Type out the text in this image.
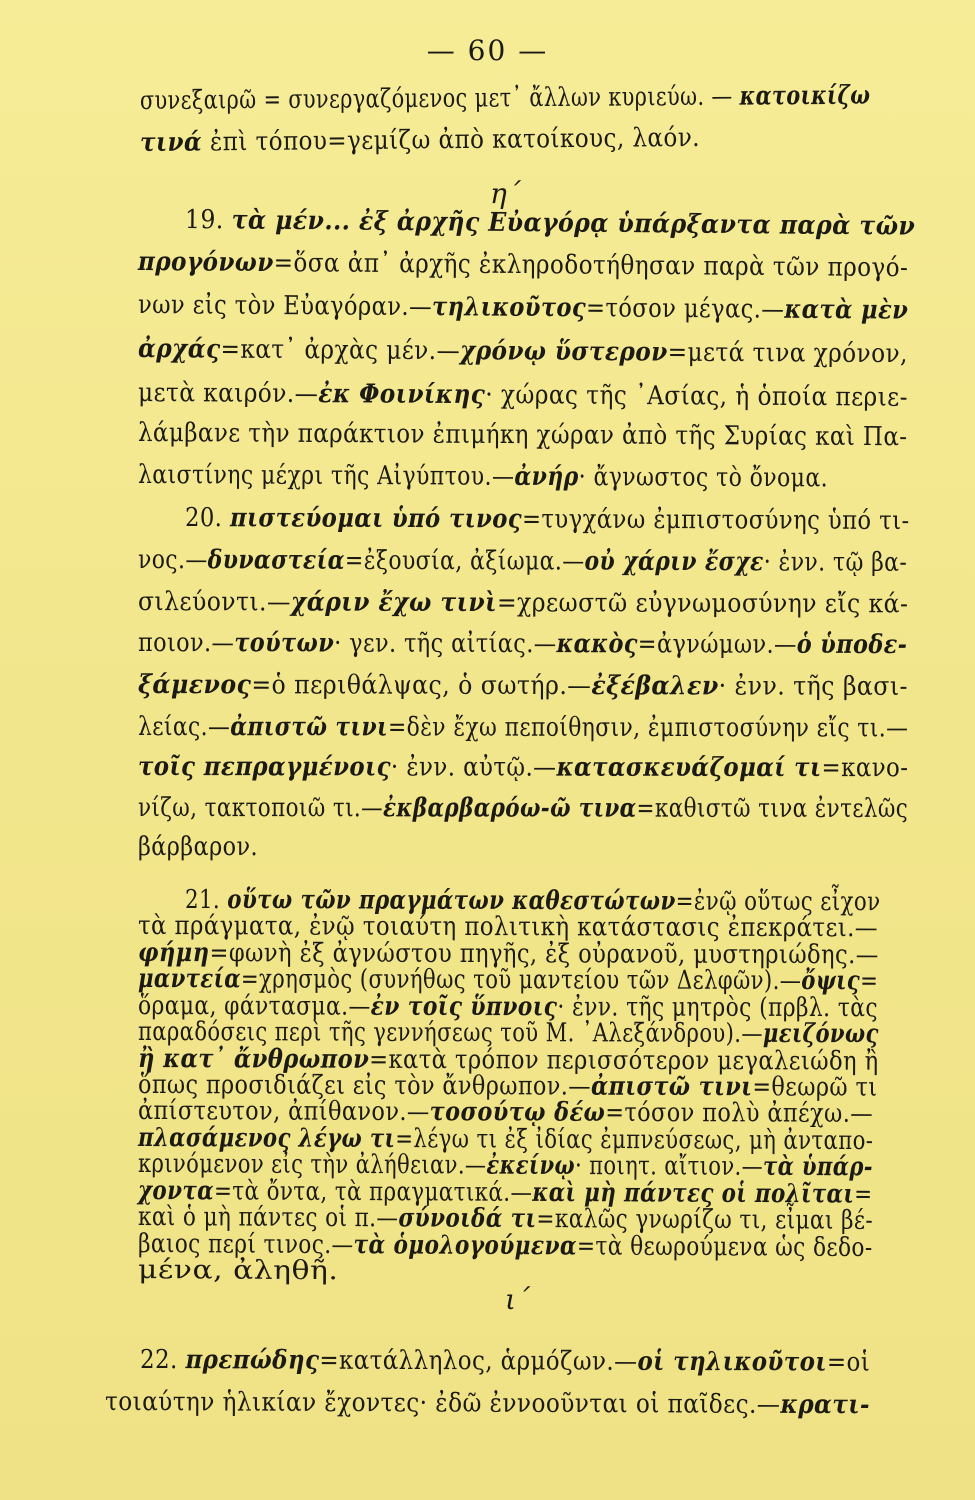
— 60 —
η΄
ι΄
συνεξαιρῶ = συνεργαζόμενος μετ᾽ ἄλλων κυριεύω. — κατοικίζω
τινά ἐπὶ τόπου=γεμίζω ἀπὸ κατοίκους, λαόν.
19. τὰ μέν... ἐξ ἀρχῆς Εὐαγόρᾳ ὑπάρξαντα παρὰ τῶν
προγόνων=ὅσα ἀπ᾽ ἀρχῆς ἐκληροδοτήθησαν παρὰ τῶν προγό-
νων εἰς τὸν Εὐαγόραν.—τηλικοῦτος=τόσον μέγας.—κατὰ μὲν
ἀρχάς=κατ᾽ ἀρχὰς μέν.—χρόνῳ ὕστερον=μετά τινα χρόνον,
μετὰ καιρόν.—ἐκ Φοινίκης· χώρας τῆς ᾽Ασίας, ἡ ὁποία περιε-
λάμβανε τὴν παράκτιον ἐπιμήκη χώραν ἀπὸ τῆς Συρίας καὶ Πα-
λαιστίνης μέχρι τῆς Αἰγύπτου.—ἀνήρ· ἄγνωστος τὸ ὄνομα.
20. πιστεύομαι ὑπό τινος=τυγχάνω ἐμπιστοσύνης ὑπό τι-
νος.—δυναστεία=ἐξουσία, ἀξίωμα.—οὐ χάριν ἔσχε· ἐνν. τῷ βα-
σιλεύοντι.—χάριν ἔχω τινὶ=χρεωστῶ εὐγνωμοσύνην εἴς κά-
ποιον.—τούτων· γεν. τῆς αἰτίας.—κακὸς=ἀγνώμων.—ὁ ὑποδε-
ξάμενος=ὁ περιθάλψας, ὁ σωτήρ.—ἐξέβαλεν· ἐνν. τῆς βασι-
λείας.—ἀπιστῶ τινι=δὲν ἔχω πεποίθησιν, ἐμπιστοσύνην εἴς τι.—
τοῖς πεπραγμένοις· ἐνν. αὐτῷ.—κατασκευάζομαί τι=κανο-
νίζω, τακτοποιῶ τι.—ἐκβαρβαρόω-ῶ τινα=καθιστῶ τινα ἐντελῶς
βάρβαρον.
21. οὕτω τῶν πραγμάτων καθεστώτων=ἐνῷ οὕτως εἶχον
τὰ πράγματα, ἐνῷ τοιαύτη πολιτικὴ κατάστασις ἐπεκράτει.—
φήμη=φωνὴ ἐξ ἀγνώστου πηγῆς, ἐξ οὐρανοῦ, μυστηριώδης.—
μαντεία=χρησμὸς (συνήθως τοῦ μαντείου τῶν Δελφῶν).—ὄψις=
ὅραμα, φάντασμα.—ἐν τοῖς ὕπνοις· ἐνν. τῆς μητρὸς (πρβλ. τὰς
παραδόσεις περὶ τῆς γεννήσεως τοῦ Μ. ᾽Αλεξάνδρου).—μειζόνως
ἢ κατ᾽ ἄνθρωπον=κατὰ τρόπον περισσότερον μεγαλειώδη ἢ
ὅπως προσιδιάζει εἰς τὸν ἄνθρωπον.—ἀπιστῶ τινι=θεωρῶ τι
ἀπίστευτον, ἀπίθανον.—τοσούτῳ δέω=τόσον πολὺ ἀπέχω.—
πλασάμενος λέγω τι=λέγω τι ἐξ ἰδίας ἐμπνεύσεως, μὴ ἀνταπο-
κρινόμενον εἰς τὴν ἀλήθειαν.—ἐκείνῳ· ποιητ. αἴτιον.—τὰ ὑπάρ-
χοντα=τὰ ὄντα, τὰ πραγματικά.—καὶ μὴ πάντες οἱ πολῖται=
καὶ ὁ μὴ πάντες οἱ π.—σύνοιδά τι=καλῶς γνωρίζω τι, εἶμαι βέ-
βαιος περί τινος.—τὰ ὁμολογούμενα=τὰ θεωρούμενα ὡς δεδο-
μένα, ἀληθῆ.
22. πρεπώδης=κατάλληλος, ἁρμόζων.—οἱ τηλικοῦτοι=οἱ
τοιαύτην ἡλικίαν ἔχοντες· ἐδῶ ἐννοοῦνται οἱ παῖδες.—κρατι-
